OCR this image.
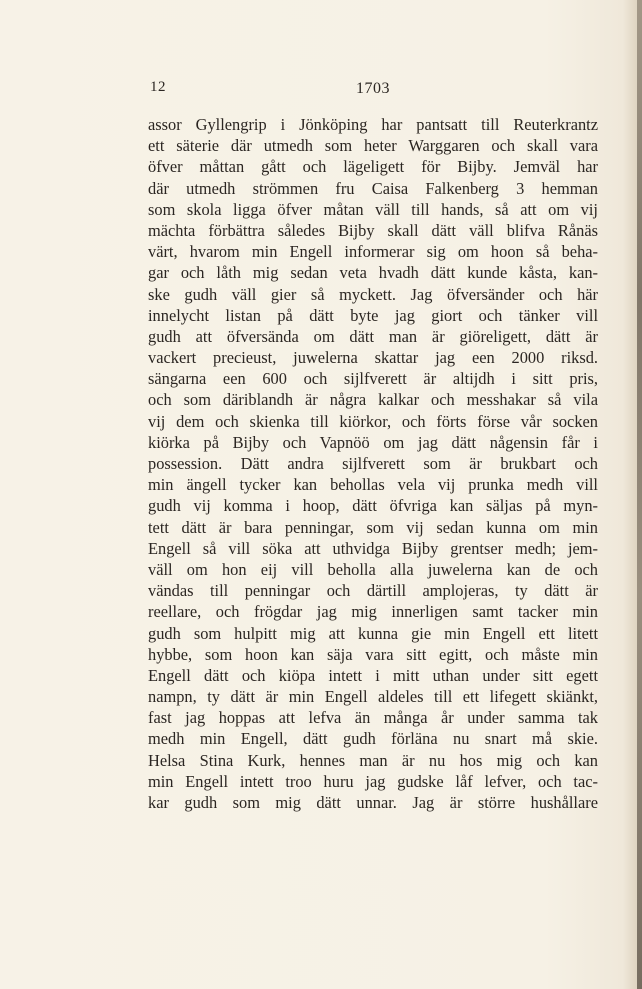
12	1703
assor Gyllengrip i Jönköping har pantsatt till Reuterkrantz
ett säterie där utmedh som heter Warggaren och skall vara
öfver måttan gått och lägeligett för Bijby. Jemväl har
där utmedh strömmen fru Caisa Falkenberg 3 hemman
som skola ligga öfver måtan väll till hands, så att om vij
mächta förbättra således Bijby skall dätt väll blifva Rånäs
värt, hvarom min Engell informerar sig om hoon så beha-
gar och låth mig sedan veta hvadh dätt kunde kåsta, kan-
ske gudh väll gier så myckett. Jag öfversänder och här
innelycht listan på dätt byte jag giort och tänker vill
gudh att öfversända om dätt man är giöreligett, dätt är
vackert precieust, juwelerna skattar jag een 2000 riksd.
sängarna een 600 och sijlfverett är altijdh i sitt pris,
och som däriblandh är några kalkar och messhakar så vila
vij dem och skienka till kiörkor, och förts förse vår socken
kiörka på Bijby och Vapnöö om jag dätt någensin får i
possession. Dätt andra sijlfverett som är brukbart och
min ängell tycker kan behollas vela vij prunka medh vill
gudh vij komma i hoop, dätt öfvriga kan säljas på myn-
tett dätt är bara penningar, som vij sedan kunna om min
Engell så vill söka att uthvidga Bijby grentser medh; jem-
väll om hon eij vill beholla alla juwelerna kan de och
vändas till penningar och därtill amplojeras, ty dätt är
reellare, och frögdar jag mig innerligen samt tacker min
gudh som hulpitt mig att kunna gie min Engell ett litett
hybbe, som hoon kan säja vara sitt egitt, och måste min
Engell dätt och kiöpa intett i mitt uthan under sitt egett
nampn, ty dätt är min Engell aldeles till ett lifegett skiänkt,
fast jag hoppas att lefva än många år under samma tak
medh min Engell, dätt gudh förläna nu snart må skie.
Helsa Stina Kurk, hennes man är nu hos mig och kan
min Engell intett troo huru jag gudske låf lefver, och tac-
kar gudh som mig dätt unnar. Jag är större hushållare
